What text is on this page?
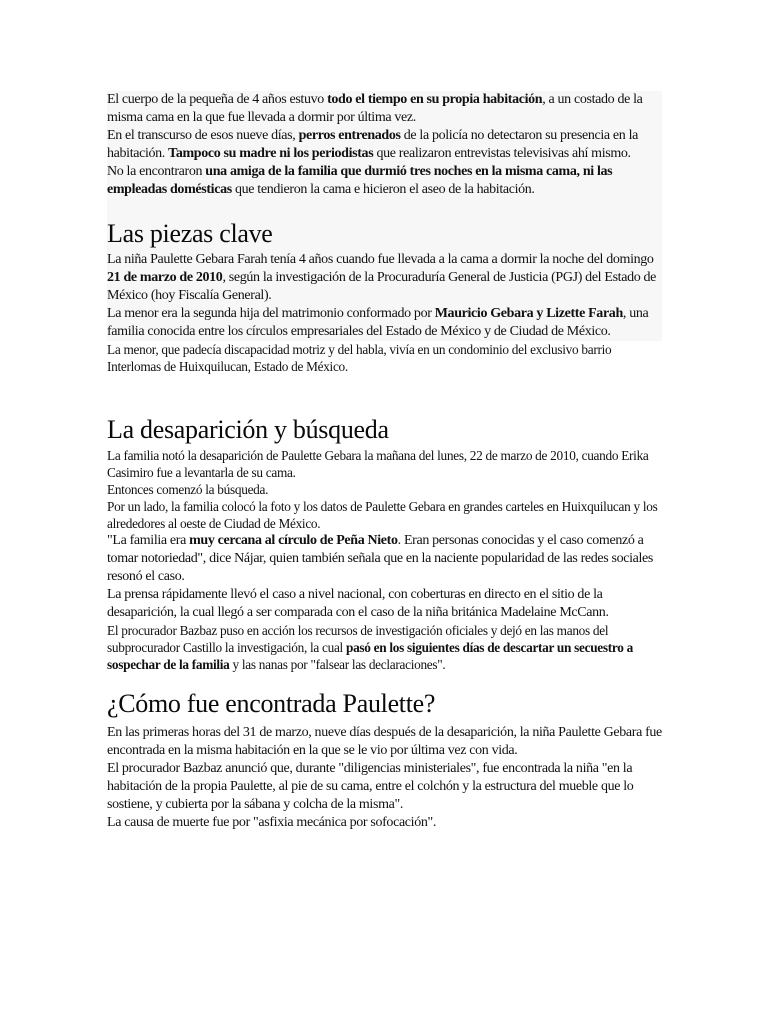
El cuerpo de la pequeña de 4 años estuvo todo el tiempo en su propia habitación, a un costado de la misma cama en la que fue llevada a dormir por última vez.

En el transcurso de esos nueve días, perros entrenados de la policía no detectaron su presencia en la habitación. Tampoco su madre ni los periodistas que realizaron entrevistas televisivas ahí mismo.

No la encontraron una amiga de la familia que durmió tres noches en la misma cama, ni las empleadas domésticas que tendieron la cama e hicieron el aseo de la habitación.

Las piezas clave

La niña Paulette Gebara Farah tenía 4 años cuando fue llevada a la cama a dormir la noche del domingo 21 de marzo de 2010, según la investigación de la Procuraduría General de Justicia (PGJ) del Estado de México (hoy Fiscalía General).

La menor era la segunda hija del matrimonio conformado por Mauricio Gebara y Lizette Farah, una familia conocida entre los círculos empresariales del Estado de México y de Ciudad de México.

La menor, que padecía discapacidad motriz y del habla, vivía en un condominio del exclusivo barrio Interlomas de Huixquilucan, Estado de México.

La desaparición y búsqueda

La familia notó la desaparición de Paulette Gebara la mañana del lunes, 22 de marzo de 2010, cuando Erika Casimiro fue a levantarla de su cama.

Entonces comenzó la búsqueda.

Por un lado, la familia colocó la foto y los datos de Paulette Gebara en grandes carteles en Huixquilucan y los alrededores al oeste de Ciudad de México.

"La familia era muy cercana al círculo de Peña Nieto. Eran personas conocidas y el caso comenzó a tomar notoriedad", dice Nájar, quien también señala que en la naciente popularidad de las redes sociales resonó el caso.

La prensa rápidamente llevó el caso a nivel nacional, con coberturas en directo en el sitio de la desaparición, la cual llegó a ser comparada con el caso de la niña británica Madelaine McCann.

El procurador Bazbaz puso en acción los recursos de investigación oficiales y dejó en las manos del subprocurador Castillo la investigación, la cual pasó en los siguientes días de descartar un secuestro a sospechar de la familia y las nanas por "falsear las declaraciones".

¿Cómo fue encontrada Paulette?

En las primeras horas del 31 de marzo, nueve días después de la desaparición, la niña Paulette Gebara fue encontrada en la misma habitación en la que se le vio por última vez con vida.

El procurador Bazbaz anunció que, durante "diligencias ministeriales", fue encontrada la niña "en la habitación de la propia Paulette, al pie de su cama, entre el colchón y la estructura del mueble que lo sostiene, y cubierta por la sábana y colcha de la misma".

La causa de muerte fue por "asfixia mecánica por sofocación".
